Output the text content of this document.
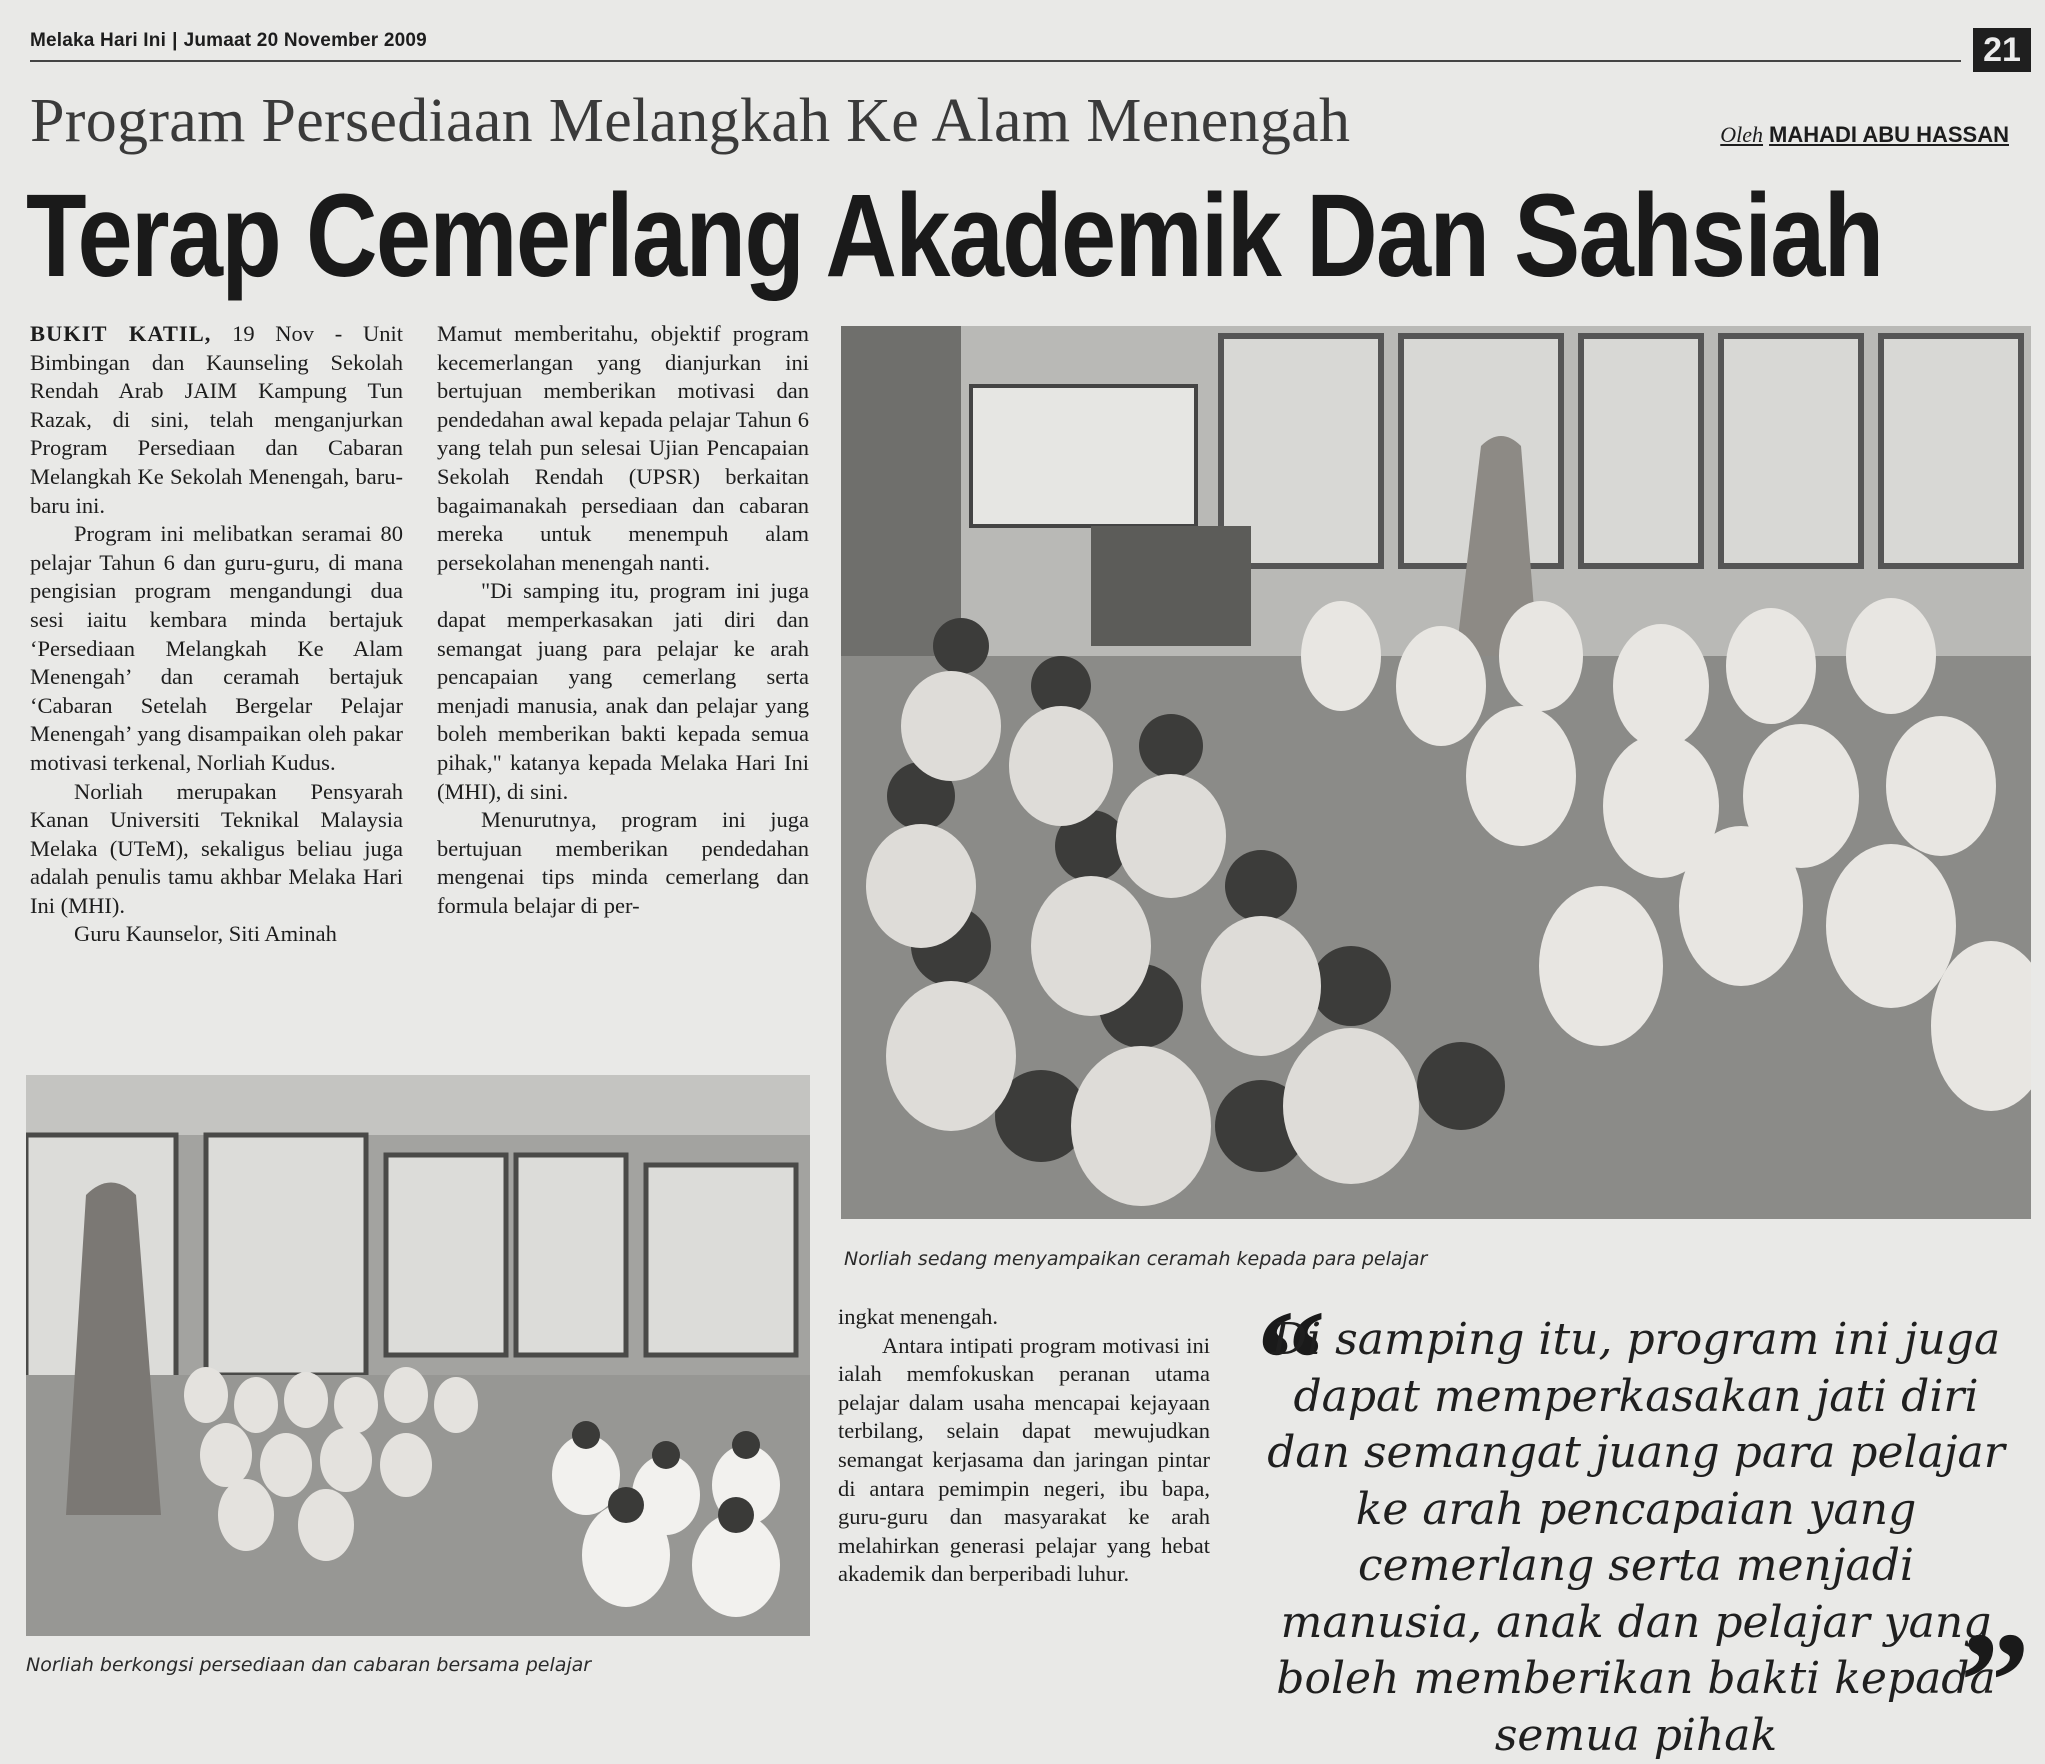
Melaka Hari Ini | Jumaat 20 November 2009	21
Program Persediaan Melangkah Ke Alam Menengah	Oleh MAHADI ABU HASSAN
Terap Cemerlang Akademik Dan Sahsiah

BUKIT KATIL, 19 Nov - Unit Bimbingan dan Kaunseling Sekolah Rendah Arab JAIM Kampung Tun Razak, di sini, telah menganjurkan Program Persediaan dan Cabaran Melangkah Ke Sekolah Menengah, baru-baru ini.

Program ini melibatkan seramai 80 pelajar Tahun 6 dan guru-guru, di mana pengisian program mengandungi dua sesi iaitu kembara minda bertajuk ‘Persediaan Melangkah Ke Alam Menengah’ dan ceramah bertajuk ‘Cabaran Setelah Bergelar Pelajar Menengah’ yang disampaikan oleh pakar motivasi terkenal, Norliah Kudus.

Norliah merupakan Pensyarah Kanan Universiti Teknikal Malaysia Melaka (UTeM), sekaligus beliau juga adalah penulis tamu akhbar Melaka Hari Ini (MHI).

Guru Kaunselor, Siti Aminah

Mamut memberitahu, objektif program kecemerlangan yang dianjurkan ini bertujuan memberikan motivasi dan pendedahan awal kepada pelajar Tahun 6 yang telah pun selesai Ujian Pencapaian Sekolah Rendah (UPSR) berkaitan bagaimanakah persediaan dan cabaran mereka untuk menempuh alam persekolahan menengah nanti.

"Di samping itu, program ini juga dapat memperkasakan jati diri dan semangat juang para pelajar ke arah pencapaian yang cemerlang serta menjadi manusia, anak dan pelajar yang boleh memberikan bakti kepada semua pihak," katanya kepada Melaka Hari Ini (MHI), di sini.

Menurutnya, program ini juga bertujuan memberikan pendedahan mengenai tips minda cemerlang dan formula belajar di per-

ingkat menengah.

Antara intipati program motivasi ini ialah memfokuskan peranan utama pelajar dalam usaha mencapai kejayaan terbilang, selain dapat mewujudkan semangat kerjasama dan jaringan pintar di antara pemimpin negeri, ibu bapa, guru-guru dan masyarakat ke arah melahirkan generasi pelajar yang hebat akademik dan berperibadi luhur.

Norliah sedang menyampaikan ceramah kepada para pelajar
Norliah berkongsi persediaan dan cabaran bersama pelajar
“
Di samping itu, program ini juga dapat memperkasakan jati diri dan semangat juang para pelajar ke arah pencapaian yang cemerlang serta menjadi manusia, anak dan pelajar yang boleh memberikan bakti kepada semua pihak	”
